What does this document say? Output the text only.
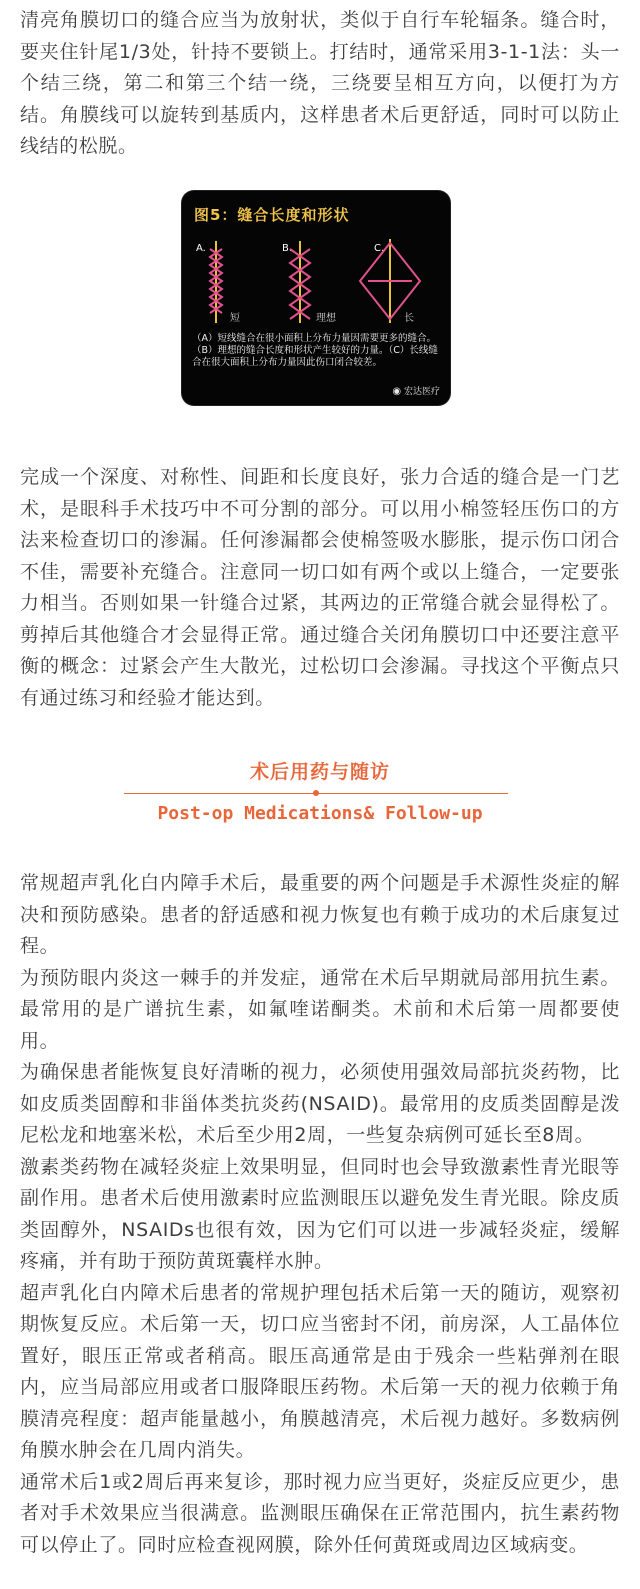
清亮角膜切口的缝合应当为放射状，类似于自行车轮辐条。缝合时，要夹住针尾1/3处，针持不要锁上。打结时，通常采用3-1-1法：头一个结三绕，第二和第三个结一绕，三绕要呈相互方向，以便打为方结。角膜线可以旋转到基质内，这样患者术后更舒适，同时可以防止线结的松脱。

图5：缝合长度和形状
A.	B.	C.
短	理想	长
（A）短线缝合在很小面积上分布力量因需要更多的缝合。（B）理想的缝合长度和形状产生较好的力量。（C）长线缝合在很大面积上分布力量因此伤口闭合较差。
◉ 宏达医疗

完成一个深度、对称性、间距和长度良好，张力合适的缝合是一门艺术，是眼科手术技巧中不可分割的部分。可以用小棉签轻压伤口的方法来检查切口的渗漏。任何渗漏都会使棉签吸水膨胀，提示伤口闭合不佳，需要补充缝合。注意同一切口如有两个或以上缝合，一定要张力相当。否则如果一针缝合过紧，其两边的正常缝合就会显得松了。剪掉后其他缝合才会显得正常。通过缝合关闭角膜切口中还要注意平衡的概念：过紧会产生大散光，过松切口会渗漏。寻找这个平衡点只有通过练习和经验才能达到。

术后用药与随访

Post-op Medications& Follow-up

常规超声乳化白内障手术后，最重要的两个问题是手术源性炎症的解决和预防感染。患者的舒适感和视力恢复也有赖于成功的术后康复过程。

为预防眼内炎这一棘手的并发症，通常在术后早期就局部用抗生素。最常用的是广谱抗生素，如氟喹诺酮类。术前和术后第一周都要使用。

为确保患者能恢复良好清晰的视力，必须使用强效局部抗炎药物，比如皮质类固醇和非甾体类抗炎药(NSAID)。最常用的皮质类固醇是泼尼松龙和地塞米松，术后至少用2周，一些复杂病例可延长至8周。

激素类药物在减轻炎症上效果明显，但同时也会导致激素性青光眼等副作用。患者术后使用激素时应监测眼压以避免发生青光眼。除皮质类固醇外，NSAIDs也很有效，因为它们可以进一步减轻炎症，缓解疼痛，并有助于预防黄斑囊样水肿。

超声乳化白内障术后患者的常规护理包括术后第一天的随访，观察初期恢复反应。术后第一天，切口应当密封不闭，前房深，人工晶体位置好，眼压正常或者稍高。眼压高通常是由于残余一些粘弹剂在眼内，应当局部应用或者口服降眼压药物。术后第一天的视力依赖于角膜清亮程度：超声能量越小，角膜越清亮，术后视力越好。多数病例角膜水肿会在几周内消失。

通常术后1或2周后再来复诊，那时视力应当更好，炎症反应更少，患者对手术效果应当很满意。监测眼压确保在正常范围内，抗生素药物可以停止了。同时应检查视网膜，除外任何黄斑或周边区域病变。
